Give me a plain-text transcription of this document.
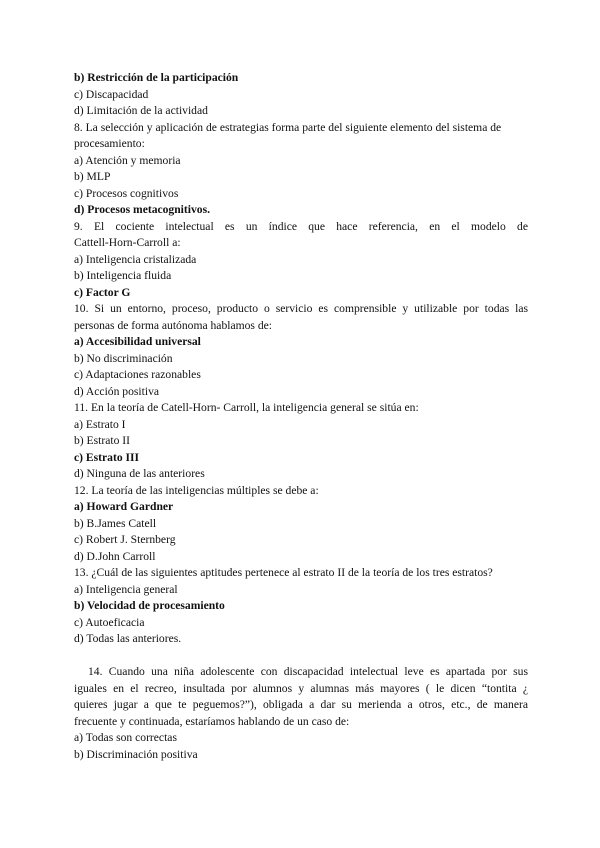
b) Restricción de la participación
c) Discapacidad
d) Limitación de la actividad
8. La selección y aplicación de estrategias forma parte del siguiente elemento del sistema de
procesamiento:
a) Atención y memoria
b) MLP
c) Procesos cognitivos
d) Procesos metacognitivos.
9. El cociente intelectual es un índice que hace referencia, en el modelo de
Cattell-Horn-Carroll a:
a) Inteligencia cristalizada
b) Inteligencia fluida
c) Factor G
10. Si un entorno, proceso, producto o servicio es comprensible y utilizable por todas las
personas de forma autónoma hablamos de:
a) Accesibilidad universal
b) No discriminación
c) Adaptaciones razonables
d) Acción positiva
11. En la teoría de Catell-Horn- Carroll, la inteligencia general se sitúa en:
a) Estrato I
b) Estrato II
c) Estrato III
d) Ninguna de las anteriores
12. La teoría de las inteligencias múltiples se debe a:
a) Howard Gardner
b) B.James Catell
c) Robert J. Sternberg
d) D.John Carroll
13. ¿Cuál de las siguientes aptitudes pertenece al estrato II de la teoría de los tres estratos?
a) Inteligencia general
b) Velocidad de procesamiento
c) Autoeficacia
d) Todas las anteriores.
14. Cuando una niña adolescente con discapacidad intelectual leve es apartada por sus
iguales en el recreo, insultada por alumnos y alumnas más mayores ( le dicen “tontita ¿
quieres jugar a que te peguemos?”), obligada a dar su merienda a otros, etc., de manera
frecuente y continuada, estaríamos hablando de un caso de:
a) Todas son correctas
b) Discriminación positiva
